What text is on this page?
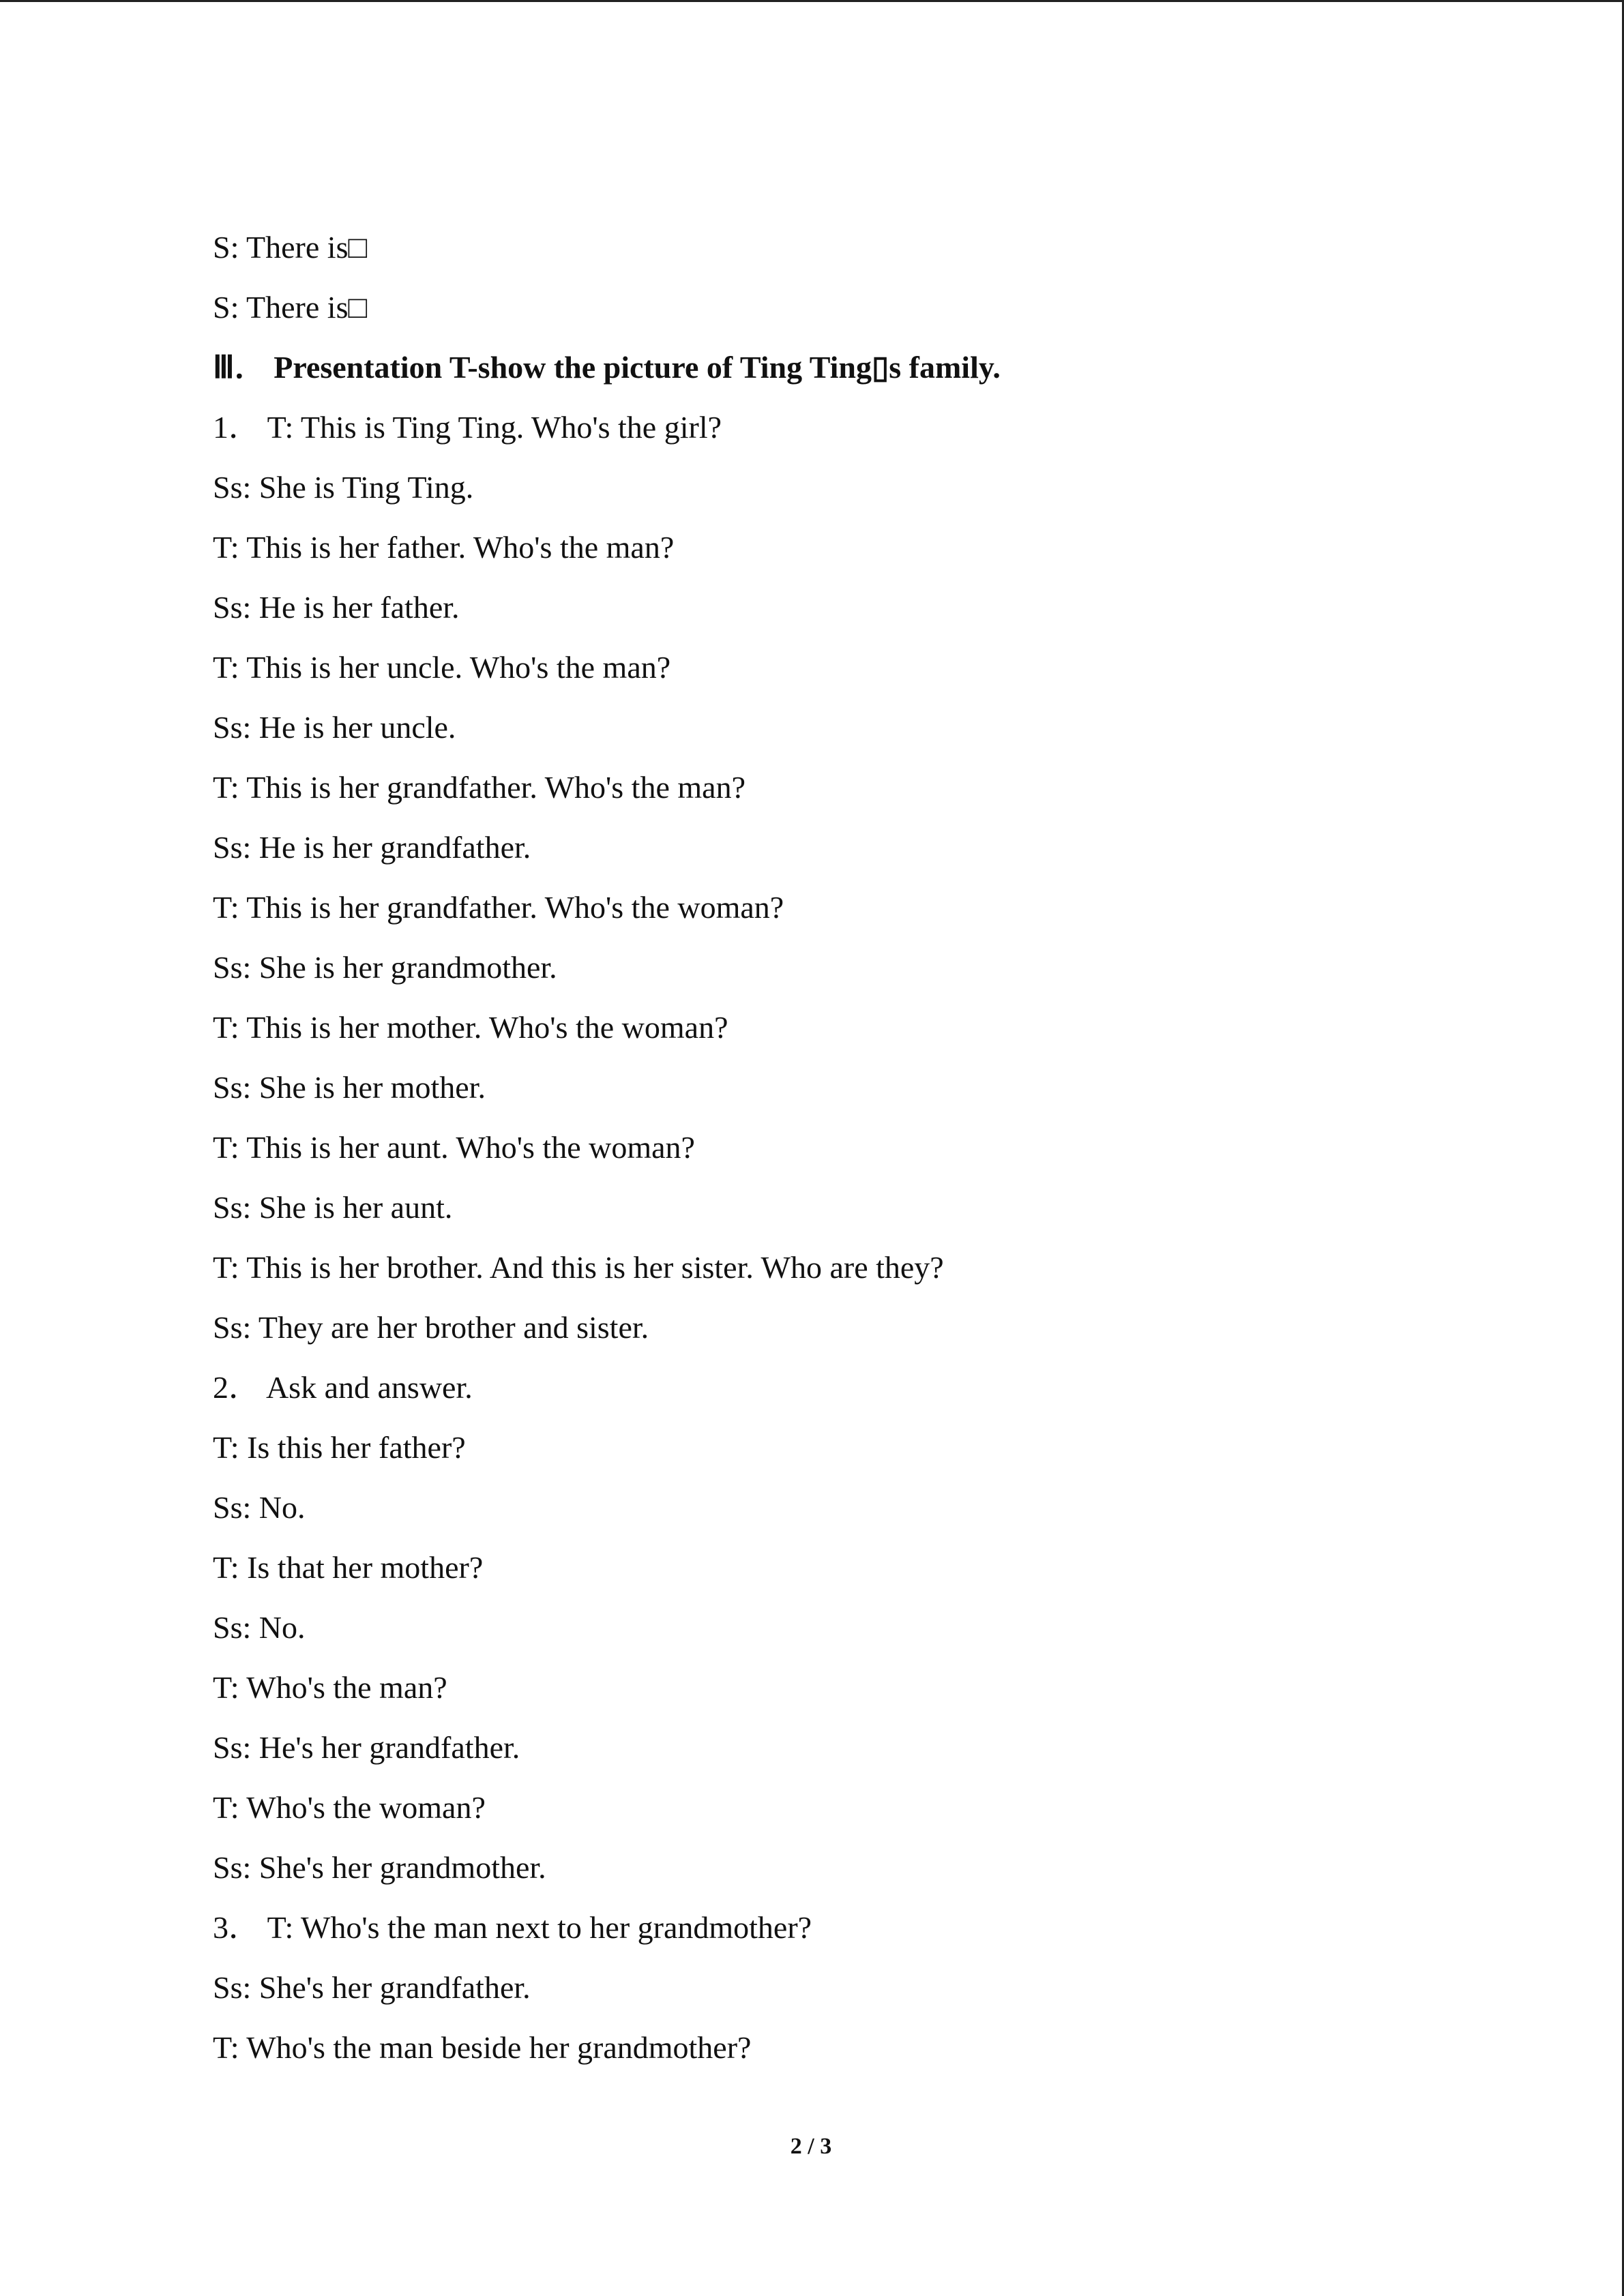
S: There is□
S: There is□
Ⅲ． Presentation T-show the picture of Ting Ting▯s family.
1． T: This is Ting Ting. Who's the girl?
Ss: She is Ting Ting.
T: This is her father. Who's the man?
Ss: He is her father.
T: This is her uncle. Who's the man?
Ss: He is her uncle.
T: This is her grandfather. Who's the man?
Ss: He is her grandfather.
T: This is her grandfather. Who's the woman?
Ss: She is her grandmother.
T: This is her mother. Who's the woman?
Ss: She is her mother.
T: This is her aunt. Who's the woman?
Ss: She is her aunt.
T: This is her brother. And this is her sister. Who are they?
Ss: They are her brother and sister.
2． Ask and answer.
T: Is this her father?
Ss: No.
T: Is that her mother?
Ss: No.
T: Who's the man?
Ss: He's her grandfather.
T: Who's the woman?
Ss: She's her grandmother.
3． T: Who's the man next to her grandmother?
Ss: She's her grandfather.
T: Who's the man beside her grandmother?
2 / 3
